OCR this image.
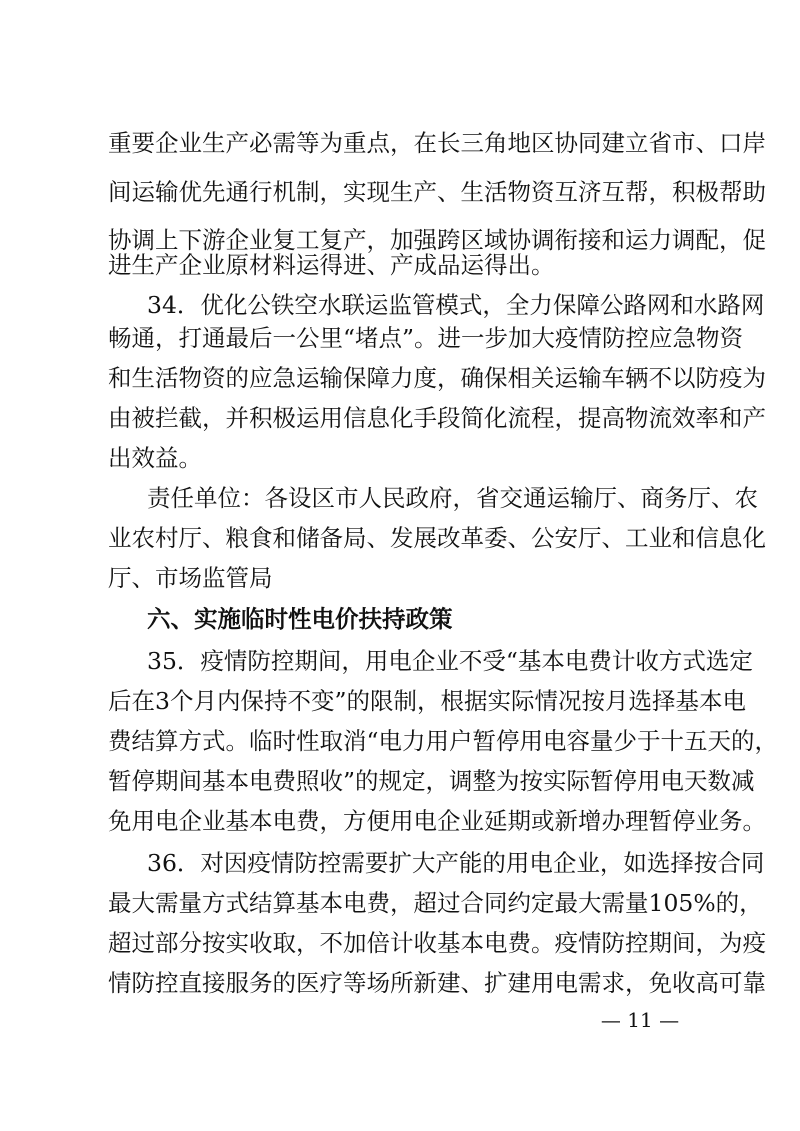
重要企业生产必需等为重点，在长三角地区协同建立省市、口岸
间运输优先通行机制，实现生产、生活物资互济互帮，积极帮助
协调上下游企业复工复产，加强跨区域协调衔接和运力调配，促
进生产企业原材料运得进、产成品运得出。
34．优化公铁空水联运监管模式，全力保障公路网和水路网
畅通，打通最后一公里“堵点”。进一步加大疫情防控应急物资
和生活物资的应急运输保障力度，确保相关运输车辆不以防疫为
由被拦截，并积极运用信息化手段简化流程，提高物流效率和产
出效益。
责任单位：各设区市人民政府，省交通运输厅、商务厅、农
业农村厅、粮食和储备局、发展改革委、公安厅、工业和信息化
厅、市场监管局
六、实施临时性电价扶持政策
35．疫情防控期间，用电企业不受“基本电费计收方式选定
后在3个月内保持不变”的限制，根据实际情况按月选择基本电
费结算方式。临时性取消“电力用户暂停用电容量少于十五天的，
暂停期间基本电费照收”的规定，调整为按实际暂停用电天数减
免用电企业基本电费，方便用电企业延期或新增办理暂停业务。
36．对因疫情防控需要扩大产能的用电企业，如选择按合同
最大需量方式结算基本电费，超过合同约定最大需量105%的，
超过部分按实收取，不加倍计收基本电费。疫情防控期间，为疫
情防控直接服务的医疗等场所新建、扩建用电需求，免收高可靠
— 11 —
